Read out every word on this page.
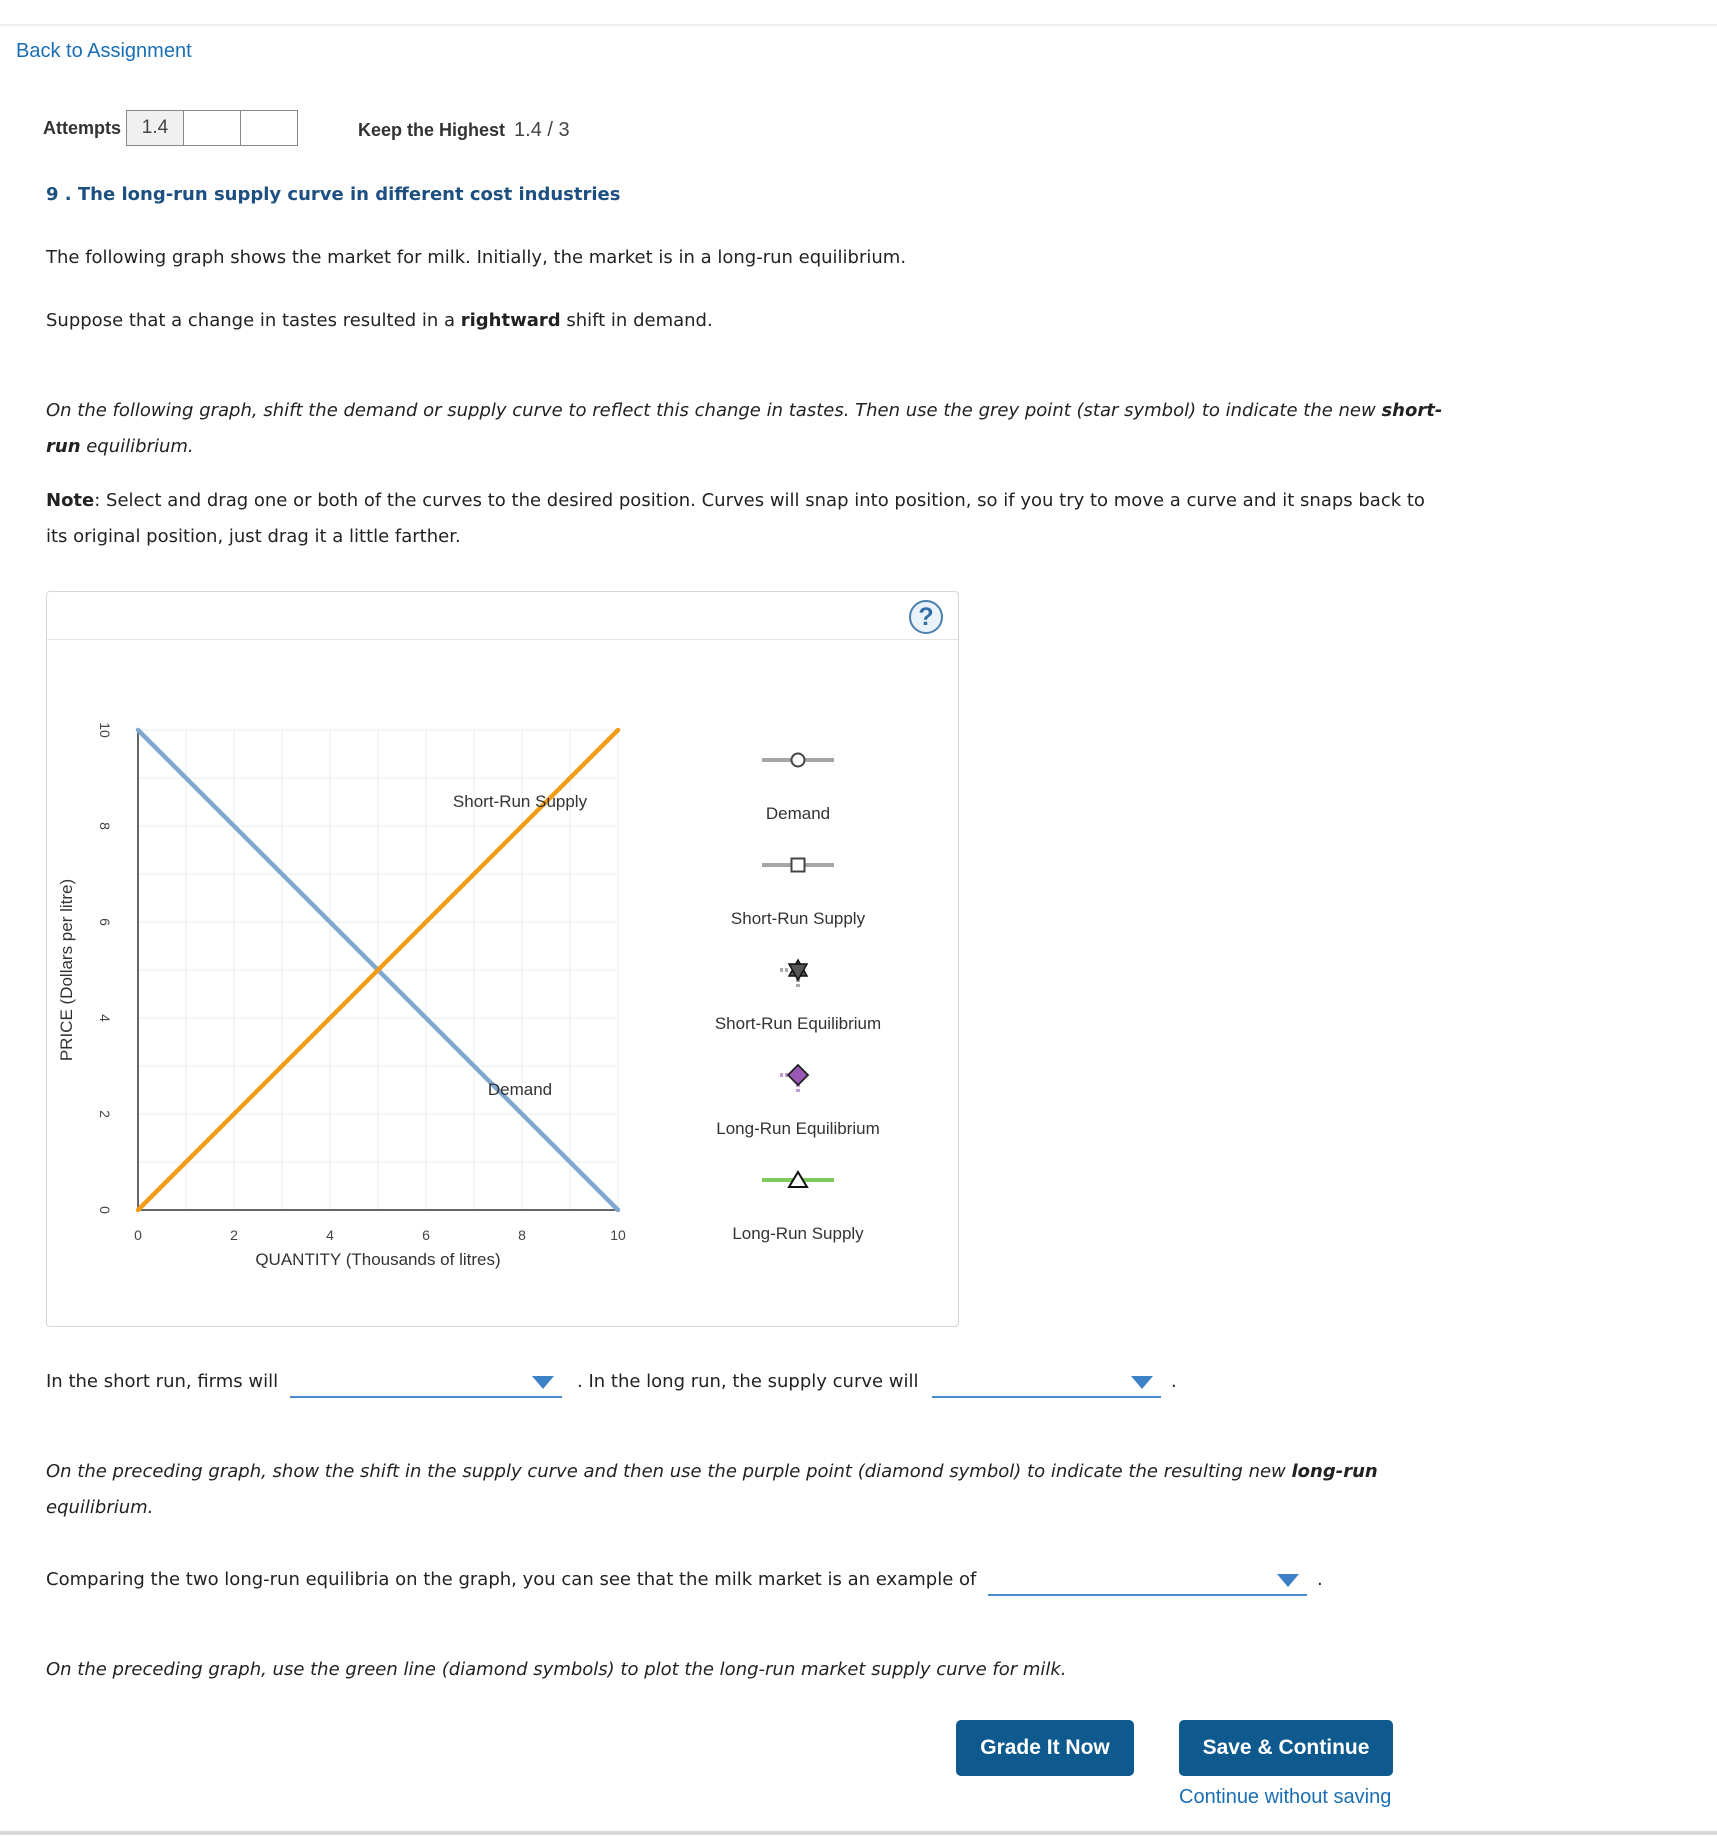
Back to Assignment
Attempts	1.4	Keep the Highest 1.4 / 3
9 . The long-run supply curve in different cost industries
The following graph shows the market for milk. Initially, the market is in a long-run equilibrium.
Suppose that a change in tastes resulted in a rightward shift in demand.
On the following graph, shift the demand or supply curve to reflect this change in tastes. Then use the grey point (star symbol) to indicate the new short-run equilibrium.
Note: Select and drag one or both of the curves to the desired position. Curves will snap into position, so if you try to move a curve and it snaps back to its original position, just drag it a little farther.
?
0	2	4	6	8	10
0
2
4
6
8
10
QUANTITY (Thousands of litres)
PRICE (Dollars per litre)
Demand
Short-Run Supply
Demand
Short-Run Supply
Short-Run Equilibrium
Long-Run Equilibrium
Long-Run Supply
In the short run, firms will	. In the long run, the supply curve will	.
On the preceding graph, show the shift in the supply curve and then use the purple point (diamond symbol) to indicate the resulting new long-run equilibrium.
Comparing the two long-run equilibria on the graph, you can see that the milk market is an example of	.
On the preceding graph, use the green line (diamond symbols) to plot the long-run market supply curve for milk.
Grade It Now	Save & Continue
Continue without saving
